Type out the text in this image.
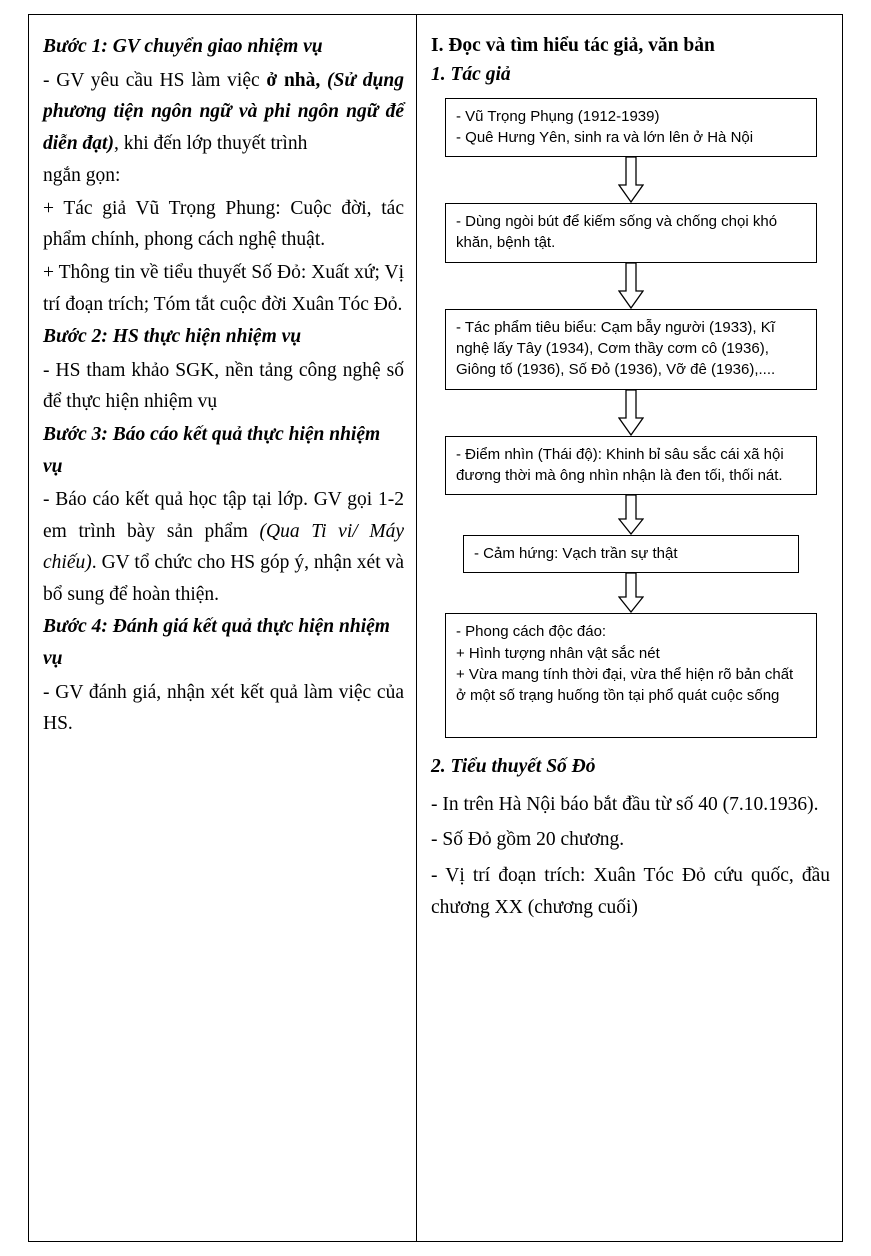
Bước 1: GV chuyển giao nhiệm vụ

- GV yêu cầu HS làm việc ở nhà, (Sử dụng phương tiện ngôn ngữ và phi ngôn ngữ để diễn đạt), khi đến lớp thuyết trình

ngắn gọn:

+ Tác giả Vũ Trọng Phung: Cuộc đời, tác phẩm chính, phong cách nghệ thuật.

+ Thông tin về tiểu thuyết Số Đỏ: Xuất xứ; Vị trí đoạn trích; Tóm tắt cuộc đời Xuân Tóc Đỏ.

Bước 2: HS thực hiện nhiệm vụ

- HS tham khảo SGK, nền tảng công nghệ số để thực hiện nhiệm vụ

Bước 3: Báo cáo kết quả thực hiện nhiệm vụ

- Báo cáo kết quả học tập tại lớp. GV gọi 1-2 em trình bày sản phẩm (Qua Ti vi/ Máy chiếu). GV tổ chức cho HS góp ý, nhận xét và bổ sung để hoàn thiện.

Bước 4: Đánh giá kết quả thực hiện nhiệm vụ

- GV đánh giá, nhận xét kết quả làm việc của HS.

I. Đọc và tìm hiểu tác giả, văn bản

1. Tác giả

- Vũ Trọng Phụng (1912-1939)
- Quê Hưng Yên, sinh ra và lớn lên ở Hà Nội
- Dùng ngòi bút để kiếm sống và chống chọi khó khăn, bệnh tật.
- Tác phẩm tiêu biểu: Cạm bẫy người (1933), Kĩ nghệ lấy Tây (1934), Cơm thầy cơm cô (1936), Giông tố (1936), Số Đỏ (1936), Vỡ đê (1936),....
- Điểm nhìn (Thái độ): Khinh bỉ sâu sắc cái xã hội đương thời mà ông nhìn nhận là đen tối, thối nát.
- Cảm hứng: Vạch trần sự thật
- Phong cách độc đáo:
+ Hình tượng nhân vật sắc nét
+ Vừa mang tính thời đại, vừa thể hiện rõ bản chất ở một số trạng huống tồn tại phổ quát cuộc sống

2. Tiểu thuyết Số Đỏ

- In trên Hà Nội báo bắt đầu từ số 40 (7.10.1936).

- Số Đỏ gồm 20 chương.

- Vị trí đoạn trích: Xuân Tóc Đỏ cứu quốc, đầu chương XX (chương cuối)
